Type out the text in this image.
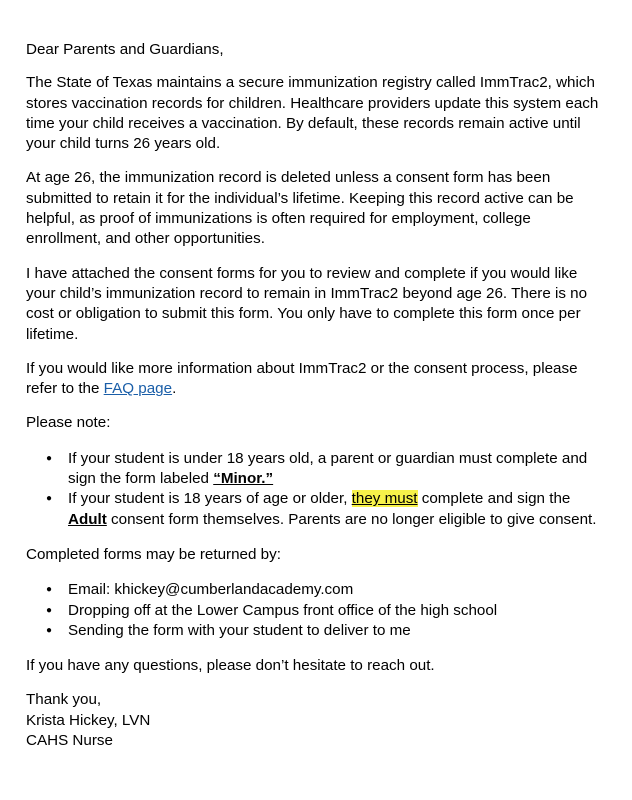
Dear Parents and Guardians,

The State of Texas maintains a secure immunization registry called ImmTrac2, which stores vaccination records for children. Healthcare providers update this system each time your child receives a vaccination. By default, these records remain active until your child turns 26 years old.

At age 26, the immunization record is deleted unless a consent form has been submitted to retain it for the individual’s lifetime. Keeping this record active can be helpful, as proof of immunizations is often required for employment, college enrollment, and other opportunities.

I have attached the consent forms for you to review and complete if you would like your child’s immunization record to remain in ImmTrac2 beyond age 26. There is no cost or obligation to submit this form. You only have to complete this form once per lifetime.

If you would like more information about ImmTrac2 or the consent process, please refer to the FAQ page.

Please note:

● If your student is under 18 years old, a parent or guardian must complete and sign the form labeled “Minor.”
● If your student is 18 years of age or older, they must complete and sign the Adult consent form themselves. Parents are no longer eligible to give consent.

Completed forms may be returned by:

● Email: khickey@cumberlandacademy.com
● Dropping off at the Lower Campus front office of the high school
● Sending the form with your student to deliver to me

If you have any questions, please don’t hesitate to reach out.

Thank you,
Krista Hickey, LVN
CAHS Nurse
